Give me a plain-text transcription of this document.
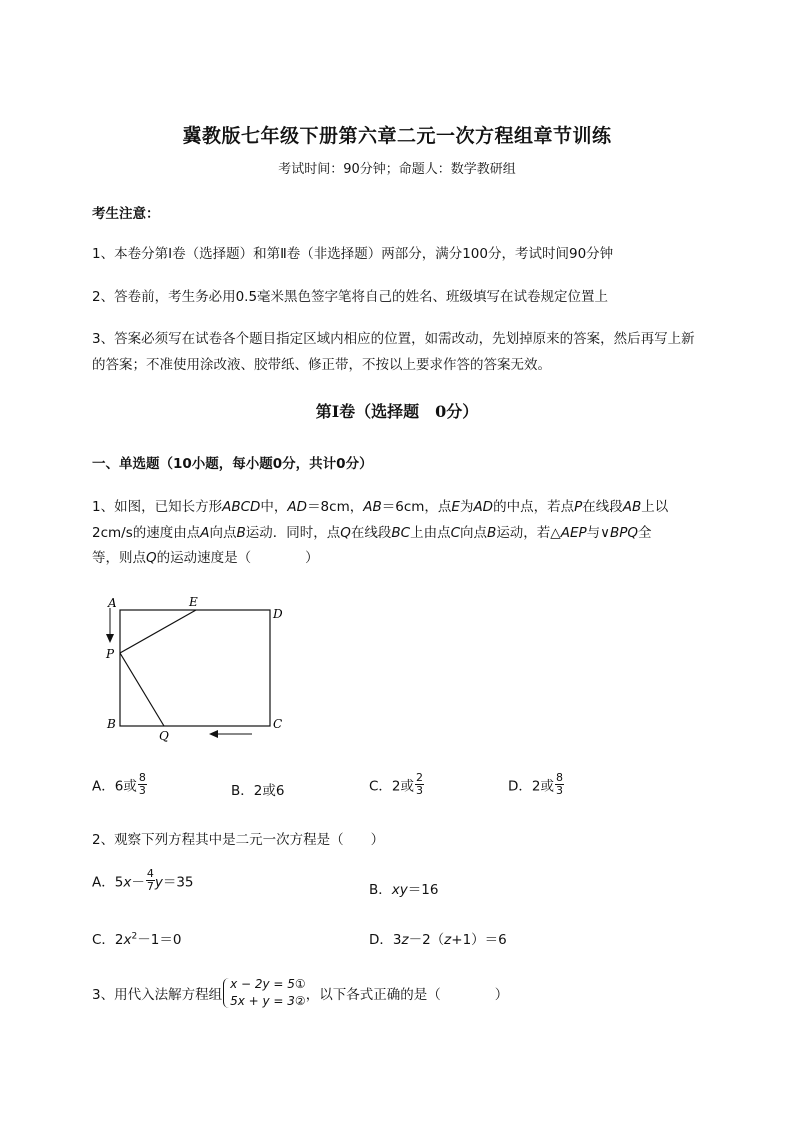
冀教版七年级下册第六章二元一次方程组章节训练
考试时间：90分钟；命题人：数学教研组
考生注意：
1、本卷分第Ⅰ卷（选择题）和第Ⅱ卷（非选择题）两部分，满分100分，考试时间90分钟
2、答卷前，考生务必用0.5毫米黑色签字笔将自己的姓名、班级填写在试卷规定位置上
3、答案必须写在试卷各个题目指定区域内相应的位置，如需改动，先划掉原来的答案，然后再写上新
的答案；不准使用涂改液、胶带纸、修正带，不按以上要求作答的答案无效。
第Ⅰ卷（选择题　0分）
一、单选题（10小题，每小题0分，共计0分）
1、如图，已知长方形ABCD中，AD＝8cm，AB＝6cm，点E为AD的中点，若点P在线段AB上以
2cm/s的速度由点A向点B运动．同时，点Q在线段BC上由点C向点B运动，若△AEP与∨BPQ全
等，则点Q的运动速度是（　　　　）
A	E
D
P
B
Q
C
A．6或 $\frac{8}{3}$	B．2或6	C．2或 $\frac{2}{3}$	D．2或 $\frac{8}{3}$
2、观察下列方程其中是二元一次方程是（　　）
A．$5x- \frac{4}{7} y=35$	B．xy＝16
C．$2x^2-1=0$	D．3z－2（z+1）＝6
3、用代入法解方程组
x − 2y = 5①
5x + y = 3② ，以下各式正确的是（　　　　）
